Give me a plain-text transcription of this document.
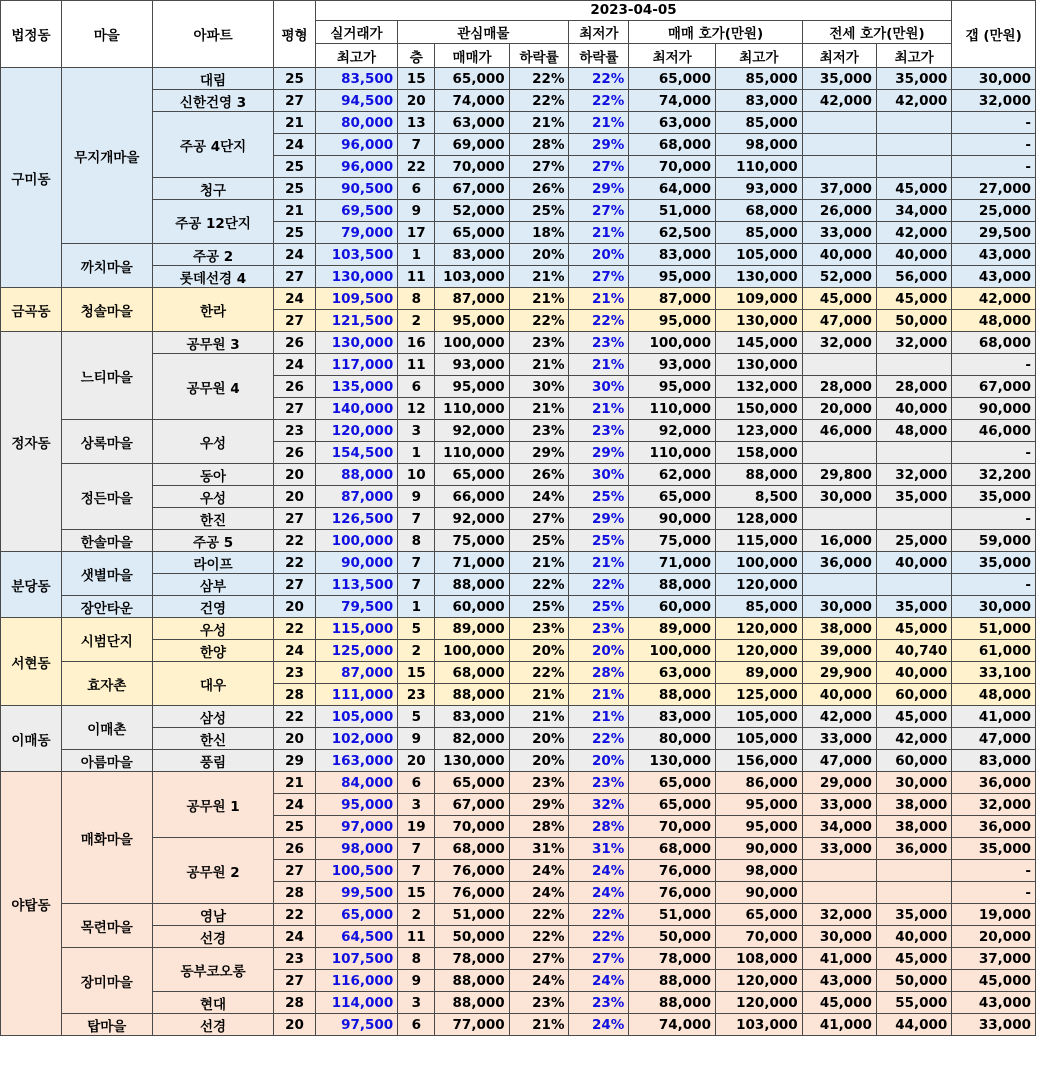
법정동	마을	아파트	평형	2023-04-05									갭 (만원)
				실거래가	관심매물			최저가	매매 호가(만원)		전세 호가(만원)		
				최고가	층	매매가	하락률	하락률	최저가	최고가	최저가	최고가	
구미동	무지개마을	대림	25	83,500	15	65,000	22%	22%	65,000	85,000	35,000	35,000	30,000
		신한건영 3	27	94,500	20	74,000	22%	22%	74,000	83,000	42,000	42,000	32,000
		주공 4단지	21	80,000	13	63,000	21%	21%	63,000	85,000			-
			24	96,000	7	69,000	28%	29%	68,000	98,000			-
			25	96,000	22	70,000	27%	27%	70,000	110,000			-
		청구	25	90,500	6	67,000	26%	29%	64,000	93,000	37,000	45,000	27,000
		주공 12단지	21	69,500	9	52,000	25%	27%	51,000	68,000	26,000	34,000	25,000
			25	79,000	17	65,000	18%	21%	62,500	85,000	33,000	42,000	29,500
	까치마을	주공 2	24	103,500	1	83,000	20%	20%	83,000	105,000	40,000	40,000	43,000
		롯데선경 4	27	130,000	11	103,000	21%	27%	95,000	130,000	52,000	56,000	43,000
금곡동	청솔마을	한라	24	109,500	8	87,000	21%	21%	87,000	109,000	45,000	45,000	42,000
			27	121,500	2	95,000	22%	22%	95,000	130,000	47,000	50,000	48,000
정자동	느티마을	공무원 3	26	130,000	16	100,000	23%	23%	100,000	145,000	32,000	32,000	68,000
		공무원 4	24	117,000	11	93,000	21%	21%	93,000	130,000			-
			26	135,000	6	95,000	30%	30%	95,000	132,000	28,000	28,000	67,000
			27	140,000	12	110,000	21%	21%	110,000	150,000	20,000	40,000	90,000
	상록마을	우성	23	120,000	3	92,000	23%	23%	92,000	123,000	46,000	48,000	46,000
			26	154,500	1	110,000	29%	29%	110,000	158,000			-
	정든마을	동아	20	88,000	10	65,000	26%	30%	62,000	88,000	29,800	32,000	32,200
		우성	20	87,000	9	66,000	24%	25%	65,000	8,500	30,000	35,000	35,000
		한진	27	126,500	7	92,000	27%	29%	90,000	128,000			-
	한솔마을	주공 5	22	100,000	8	75,000	25%	25%	75,000	115,000	16,000	25,000	59,000
분당동	샛별마을	라이프	22	90,000	7	71,000	21%	21%	71,000	100,000	36,000	40,000	35,000
		삼부	27	113,500	7	88,000	22%	22%	88,000	120,000			-
	장안타운	건영	20	79,500	1	60,000	25%	25%	60,000	85,000	30,000	35,000	30,000
서현동	시범단지	우성	22	115,000	5	89,000	23%	23%	89,000	120,000	38,000	45,000	51,000
		한양	24	125,000	2	100,000	20%	20%	100,000	120,000	39,000	40,740	61,000
	효자촌	대우	23	87,000	15	68,000	22%	28%	63,000	89,000	29,900	40,000	33,100
			28	111,000	23	88,000	21%	21%	88,000	125,000	40,000	60,000	48,000
이매동	이매촌	삼성	22	105,000	5	83,000	21%	21%	83,000	105,000	42,000	45,000	41,000
		한신	20	102,000	9	82,000	20%	22%	80,000	105,000	33,000	42,000	47,000
	아름마을	풍림	29	163,000	20	130,000	20%	20%	130,000	156,000	47,000	60,000	83,000
야탑동	매화마을	공무원 1	21	84,000	6	65,000	23%	23%	65,000	86,000	29,000	30,000	36,000
			24	95,000	3	67,000	29%	32%	65,000	95,000	33,000	38,000	32,000
			25	97,000	19	70,000	28%	28%	70,000	95,000	34,000	38,000	36,000
		공무원 2	26	98,000	7	68,000	31%	31%	68,000	90,000	33,000	36,000	35,000
			27	100,500	7	76,000	24%	24%	76,000	98,000			-
			28	99,500	15	76,000	24%	24%	76,000	90,000			-
	목련마을	영남	22	65,000	2	51,000	22%	22%	51,000	65,000	32,000	35,000	19,000
		선경	24	64,500	11	50,000	22%	22%	50,000	70,000	30,000	40,000	20,000
	장미마을	동부코오롱	23	107,500	8	78,000	27%	27%	78,000	108,000	41,000	45,000	37,000
			27	116,000	9	88,000	24%	24%	88,000	120,000	43,000	50,000	45,000
		현대	28	114,000	3	88,000	23%	23%	88,000	120,000	45,000	55,000	43,000
	탑마을	선경	20	97,500	6	77,000	21%	24%	74,000	103,000	41,000	44,000	33,000
